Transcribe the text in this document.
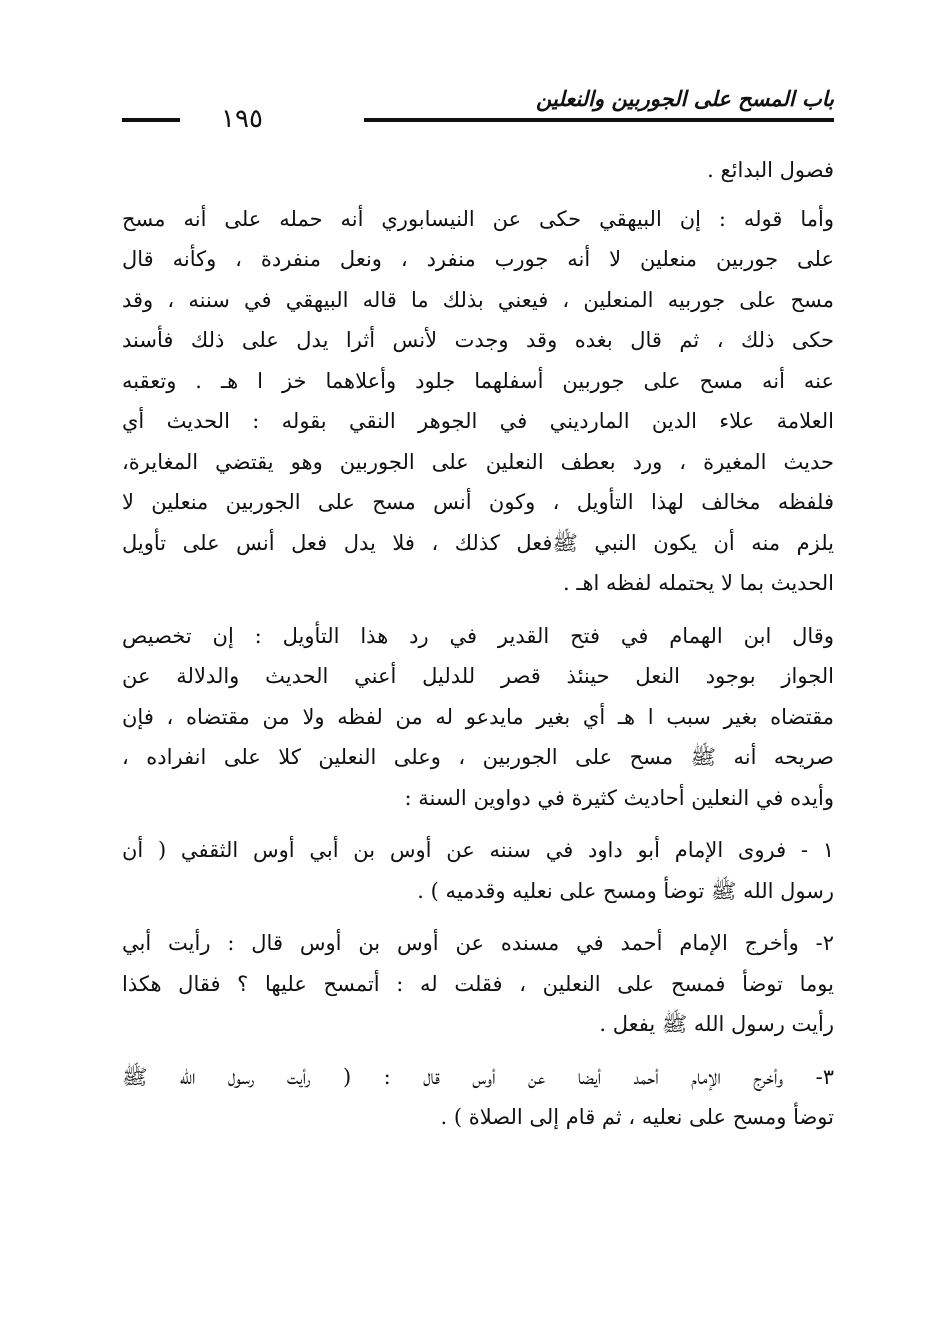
باب المسح على الجوربين والنعلين
١٩٥
فصول البدائع .
وأما قوله : إن البيهقي حكى عن النيسابوري أنه حمله على أنه مسح
على جوربين منعلين لا أنه جورب منفرد ، ونعل منفردة ، وكأنه قال
مسح على جوربيه المنعلين ، فيعني بذلك ما قاله البيهقي في سننه ، وقد
حكى ذلك ، ثم قال بغده وقد وجدت لأنس أثرا يدل على ذلك فأسند
عنه أنه مسح على جوربين أسفلهما جلود وأعلاهما خز ا هـ . وتعقبه
العلامة علاء الدين المارديني في الجوهر النقي بقوله : الحديث أي
حديث المغيرة ، ورد بعطف النعلين على الجوربين وهو يقتضي المغايرة،
فلفظه مخالف لهذا التأويل ، وكون أنس مسح على الجوربين منعلين لا
يلزم منه أن يكون النبي ﷺفعل كذلك ، فلا يدل فعل أنس على تأويل
الحديث بما لا يحتمله لفظه اهـ .
وقال ابن الهمام في فتح القدير في رد هذا التأويل : إن تخصيص
الجواز بوجود النعل حينئذ قصر للدليل أعني الحديث والدلالة عن
مقتضاه بغير سبب ا هـ أي بغير مايدعو له من لفظه ولا من مقتضاه ، فإن
صريحه أنه ﷺ مسح على الجوربين ، وعلى النعلين كلا على انفراده ،
وأيده في النعلين أحاديث كثيرة في دواوين السنة :
١ - فروى الإمام أبو داود في سننه عن أوس بن أبي أوس الثقفي ( أن
رسول الله ﷺ توضأ ومسح على نعليه وقدميه ) .
٢- وأخرج الإمام أحمد في مسنده عن أوس بن أوس قال : رأيت أبي
يوما توضأ فمسح على النعلين ، فقلت له : أتمسح عليها ؟ فقال هكذا
رأيت رسول الله ﷺ يفعل .
٣- وأخرج الإمام أحمد أيضا عن أوس قال : ( رأيت رسول الله ﷺ
توضأ ومسح على نعليه ، ثم قام إلى الصلاة ) .
